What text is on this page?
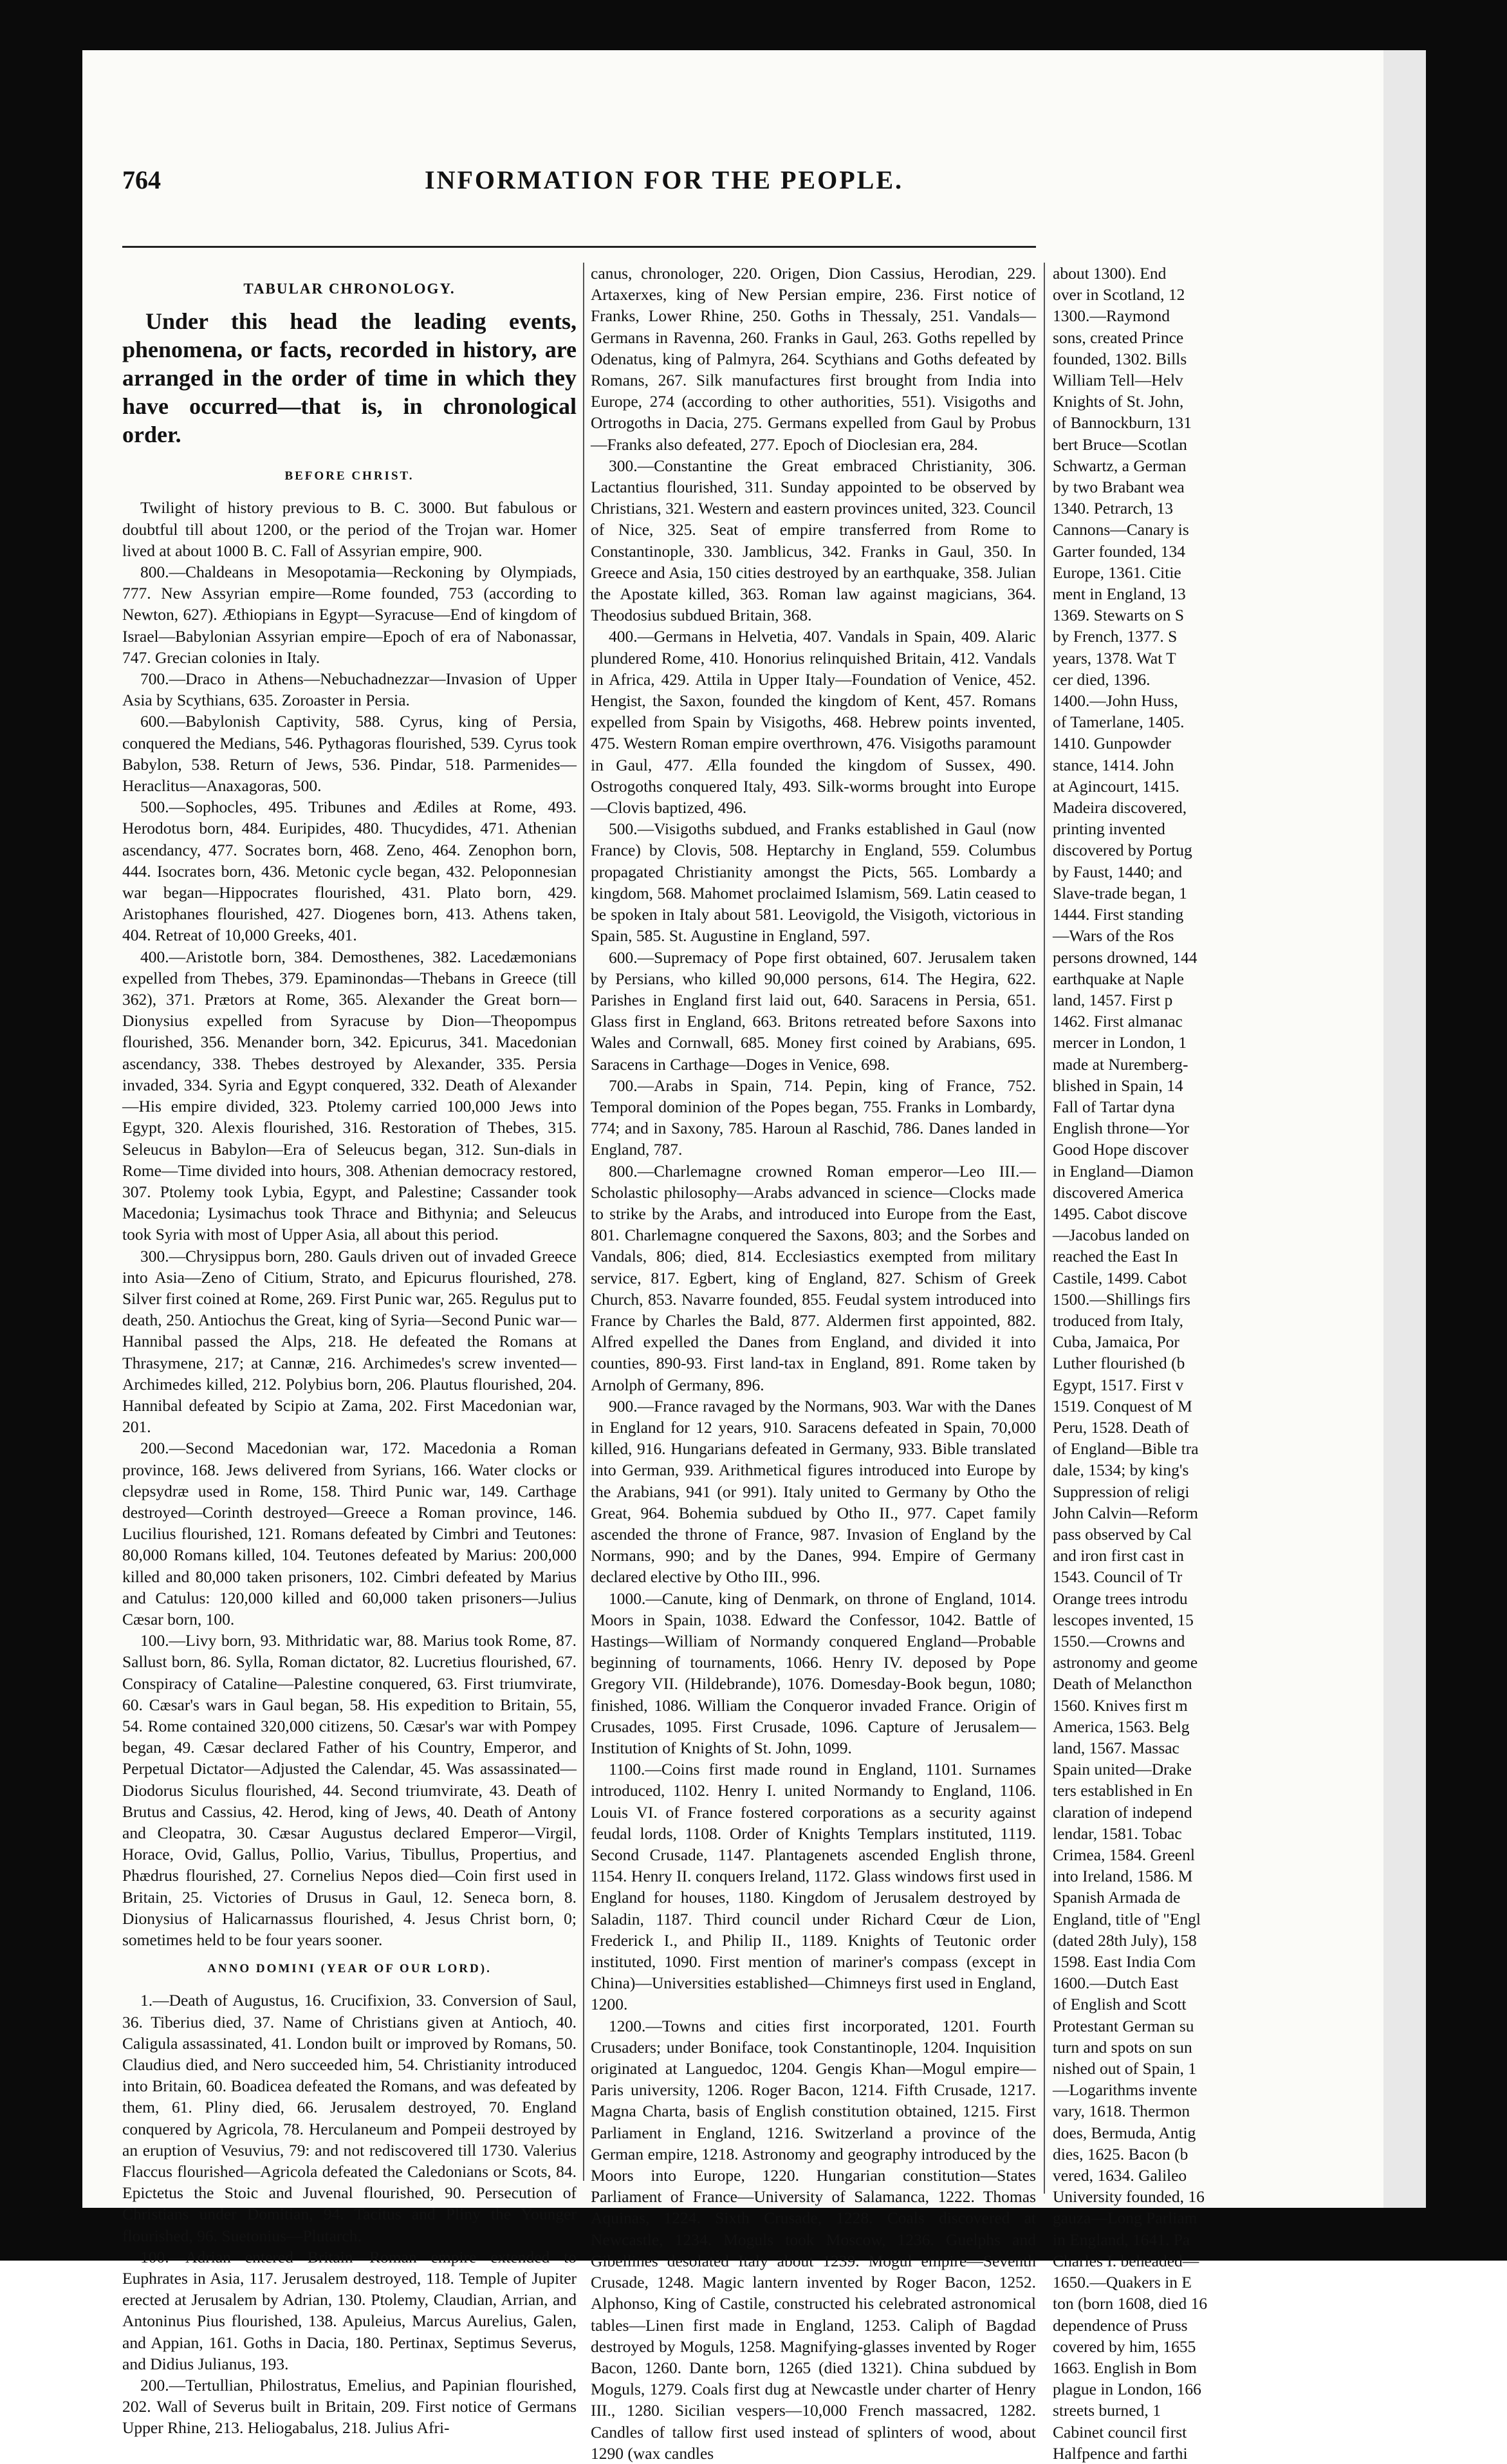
764	INFORMATION FOR THE PEOPLE.
TABULAR CHRONOLOGY.
Under this head the leading events, phenomena, or facts, recorded in history, are arranged in the order of time in which they have occurred—that is, in chronological order.
BEFORE CHRIST.

Twilight of history previous to B. C. 3000. But fabulous or doubtful till about 1200, or the period of the Trojan war. Homer lived at about 1000 B. C. Fall of Assyrian empire, 900.

800.—Chaldeans in Mesopotamia—Reckoning by Olympiads, 777. New Assyrian empire—Rome founded, 753 (according to Newton, 627). Æthiopians in Egypt—Syracuse—End of kingdom of Israel—Babylonian Assyrian empire—Epoch of era of Nabonassar, 747. Grecian colonies in Italy.

700.—Draco in Athens—Nebuchadnezzar—Invasion of Upper Asia by Scythians, 635. Zoroaster in Persia.

600.—Babylonish Captivity, 588. Cyrus, king of Persia, conquered the Medians, 546. Pythagoras flourished, 539. Cyrus took Babylon, 538. Return of Jews, 536. Pindar, 518. Parmenides—Heraclitus—Anaxagoras, 500.

500.—Sophocles, 495. Tribunes and Ædiles at Rome, 493. Herodotus born, 484. Euripides, 480. Thucydides, 471. Athenian ascendancy, 477. Socrates born, 468. Zeno, 464. Zenophon born, 444. Isocrates born, 436. Metonic cycle began, 432. Peloponnesian war began—Hippocrates flourished, 431. Plato born, 429. Aristophanes flourished, 427. Diogenes born, 413. Athens taken, 404. Retreat of 10,000 Greeks, 401.

400.—Aristotle born, 384. Demosthenes, 382. Lacedæmonians expelled from Thebes, 379. Epaminondas—Thebans in Greece (till 362), 371. Prætors at Rome, 365. Alexander the Great born—Dionysius expelled from Syracuse by Dion—Theopompus flourished, 356. Menander born, 342. Epicurus, 341. Macedonian ascendancy, 338. Thebes destroyed by Alexander, 335. Persia invaded, 334. Syria and Egypt conquered, 332. Death of Alexander—His empire divided, 323. Ptolemy carried 100,000 Jews into Egypt, 320. Alexis flourished, 316. Restoration of Thebes, 315. Seleucus in Babylon—Era of Seleucus began, 312. Sun-dials in Rome—Time divided into hours, 308. Athenian democracy restored, 307. Ptolemy took Lybia, Egypt, and Palestine; Cassander took Macedonia; Lysimachus took Thrace and Bithynia; and Seleucus took Syria with most of Upper Asia, all about this period.

300.—Chrysippus born, 280. Gauls driven out of invaded Greece into Asia—Zeno of Citium, Strato, and Epicurus flourished, 278. Silver first coined at Rome, 269. First Punic war, 265. Regulus put to death, 250. Antiochus the Great, king of Syria—Second Punic war—Hannibal passed the Alps, 218. He defeated the Romans at Thrasymene, 217; at Cannæ, 216. Archimedes's screw invented—Archimedes killed, 212. Polybius born, 206. Plautus flourished, 204. Hannibal defeated by Scipio at Zama, 202. First Macedonian war, 201.

200.—Second Macedonian war, 172. Macedonia a Roman province, 168. Jews delivered from Syrians, 166. Water clocks or clepsydræ used in Rome, 158. Third Punic war, 149. Carthage destroyed—Corinth destroyed—Greece a Roman province, 146. Lucilius flourished, 121. Romans defeated by Cimbri and Teutones: 80,000 Romans killed, 104. Teutones defeated by Marius: 200,000 killed and 80,000 taken prisoners, 102. Cimbri defeated by Marius and Catulus: 120,000 killed and 60,000 taken prisoners—Julius Cæsar born, 100.

100.—Livy born, 93. Mithridatic war, 88. Marius took Rome, 87. Sallust born, 86. Sylla, Roman dictator, 82. Lucretius flourished, 67. Conspiracy of Cataline—Palestine conquered, 63. First triumvirate, 60. Cæsar's wars in Gaul began, 58. His expedition to Britain, 55, 54. Rome contained 320,000 citizens, 50. Cæsar's war with Pompey began, 49. Cæsar declared Father of his Country, Emperor, and Perpetual Dictator—Adjusted the Calendar, 45. Was assassinated—Diodorus Siculus flourished, 44. Second triumvirate, 43. Death of Brutus and Cassius, 42. Herod, king of Jews, 40. Death of Antony and Cleopatra, 30. Cæsar Augustus declared Emperor—Virgil, Horace, Ovid, Gallus, Pollio, Varius, Tibullus, Propertius, and Phædrus flourished, 27. Cornelius Nepos died—Coin first used in Britain, 25. Victories of Drusus in Gaul, 12. Seneca born, 8. Dionysius of Halicarnassus flourished, 4. Jesus Christ born, 0; sometimes held to be four years sooner.

ANNO DOMINI (YEAR OF OUR LORD).

1.—Death of Augustus, 16. Crucifixion, 33. Conversion of Saul, 36. Tiberius died, 37. Name of Christians given at Antioch, 40. Caligula assassinated, 41. London built or improved by Romans, 50. Claudius died, and Nero succeeded him, 54. Christianity introduced into Britain, 60. Boadicea defeated the Romans, and was defeated by them, 61. Pliny died, 66. Jerusalem destroyed, 70. England conquered by Agricola, 78. Herculaneum and Pompeii destroyed by an eruption of Vesuvius, 79: and not rediscovered till 1730. Valerius Flaccus flourished—Agricola defeated the Caledonians or Scots, 84. Epictetus the Stoic and Juvenal flourished, 90. Persecution of Christians under Domitian, 94. Tacitus and Pliny the Younger flourished, 96. Suetonius—Plutarch.

100.—Adrian entered Britain—Roman empire extended to Euphrates in Asia, 117. Jerusalem destroyed, 118. Temple of Jupiter erected at Jerusalem by Adrian, 130. Ptolemy, Claudian, Arrian, and Antoninus Pius flourished, 138. Apuleius, Marcus Aurelius, Galen, and Appian, 161. Goths in Dacia, 180. Pertinax, Septimus Severus, and Didius Julianus, 193.

200.—Tertullian, Philostratus, Emelius, and Papinian flourished, 202. Wall of Severus built in Britain, 209. First notice of Germans Upper Rhine, 213. Heliogabalus, 218. Julius Afri-

canus, chronologer, 220. Origen, Dion Cassius, Herodian, 229. Artaxerxes, king of New Persian empire, 236. First notice of Franks, Lower Rhine, 250. Goths in Thessaly, 251. Vandals—Germans in Ravenna, 260. Franks in Gaul, 263. Goths repelled by Odenatus, king of Palmyra, 264. Scythians and Goths defeated by Romans, 267. Silk manufactures first brought from India into Europe, 274 (according to other authorities, 551). Visigoths and Ortrogoths in Dacia, 275. Germans expelled from Gaul by Probus—Franks also defeated, 277. Epoch of Dioclesian era, 284.

300.—Constantine the Great embraced Christianity, 306. Lactantius flourished, 311. Sunday appointed to be observed by Christians, 321. Western and eastern provinces united, 323. Council of Nice, 325. Seat of empire transferred from Rome to Constantinople, 330. Jamblicus, 342. Franks in Gaul, 350. In Greece and Asia, 150 cities destroyed by an earthquake, 358. Julian the Apostate killed, 363. Roman law against magicians, 364. Theodosius subdued Britain, 368.

400.—Germans in Helvetia, 407. Vandals in Spain, 409. Alaric plundered Rome, 410. Honorius relinquished Britain, 412. Vandals in Africa, 429. Attila in Upper Italy—Foundation of Venice, 452. Hengist, the Saxon, founded the kingdom of Kent, 457. Romans expelled from Spain by Visigoths, 468. Hebrew points invented, 475. Western Roman empire overthrown, 476. Visigoths paramount in Gaul, 477. Ælla founded the kingdom of Sussex, 490. Ostrogoths conquered Italy, 493. Silk-worms brought into Europe—Clovis baptized, 496.

500.—Visigoths subdued, and Franks established in Gaul (now France) by Clovis, 508. Heptarchy in England, 559. Columbus propagated Christianity amongst the Picts, 565. Lombardy a kingdom, 568. Mahomet proclaimed Islamism, 569. Latin ceased to be spoken in Italy about 581. Leovigold, the Visigoth, victorious in Spain, 585. St. Augustine in England, 597.

600.—Supremacy of Pope first obtained, 607. Jerusalem taken by Persians, who killed 90,000 persons, 614. The Hegira, 622. Parishes in England first laid out, 640. Saracens in Persia, 651. Glass first in England, 663. Britons retreated before Saxons into Wales and Cornwall, 685. Money first coined by Arabians, 695. Saracens in Carthage—Doges in Venice, 698.

700.—Arabs in Spain, 714. Pepin, king of France, 752. Temporal dominion of the Popes began, 755. Franks in Lombardy, 774; and in Saxony, 785. Haroun al Raschid, 786. Danes landed in England, 787.

800.—Charlemagne crowned Roman emperor—Leo III.—Scholastic philosophy—Arabs advanced in science—Clocks made to strike by the Arabs, and introduced into Europe from the East, 801. Charlemagne conquered the Saxons, 803; and the Sorbes and Vandals, 806; died, 814. Ecclesiastics exempted from military service, 817. Egbert, king of England, 827. Schism of Greek Church, 853. Navarre founded, 855. Feudal system introduced into France by Charles the Bald, 877. Aldermen first appointed, 882. Alfred expelled the Danes from England, and divided it into counties, 890-93. First land-tax in England, 891. Rome taken by Arnolph of Germany, 896.

900.—France ravaged by the Normans, 903. War with the Danes in England for 12 years, 910. Saracens defeated in Spain, 70,000 killed, 916. Hungarians defeated in Germany, 933. Bible translated into German, 939. Arithmetical figures introduced into Europe by the Arabians, 941 (or 991). Italy united to Germany by Otho the Great, 964. Bohemia subdued by Otho II., 977. Capet family ascended the throne of France, 987. Invasion of England by the Normans, 990; and by the Danes, 994. Empire of Germany declared elective by Otho III., 996.

1000.—Canute, king of Denmark, on throne of England, 1014. Moors in Spain, 1038. Edward the Confessor, 1042. Battle of Hastings—William of Normandy conquered England—Probable beginning of tournaments, 1066. Henry IV. deposed by Pope Gregory VII. (Hildebrande), 1076. Domesday-Book begun, 1080; finished, 1086. William the Conqueror invaded France. Origin of Crusades, 1095. First Crusade, 1096. Capture of Jerusalem—Institution of Knights of St. John, 1099.

1100.—Coins first made round in England, 1101. Surnames introduced, 1102. Henry I. united Normandy to England, 1106. Louis VI. of France fostered corporations as a security against feudal lords, 1108. Order of Knights Templars instituted, 1119. Second Crusade, 1147. Plantagenets ascended English throne, 1154. Henry II. conquers Ireland, 1172. Glass windows first used in England for houses, 1180. Kingdom of Jerusalem destroyed by Saladin, 1187. Third council under Richard Cœur de Lion, Frederick I., and Philip II., 1189. Knights of Teutonic order instituted, 1090. First mention of mariner's compass (except in China)—Universities established—Chimneys first used in England, 1200.

1200.—Towns and cities first incorporated, 1201. Fourth Crusaders; under Boniface, took Constantinople, 1204. Inquisition originated at Languedoc, 1204. Gengis Khan—Mogul empire—Paris university, 1206. Roger Bacon, 1214. Fifth Crusade, 1217. Magna Charta, basis of English constitution obtained, 1215. First Parliament in England, 1216. Switzerland a province of the German empire, 1218. Astronomy and geography introduced by the Moors into Europe, 1220. Hungarian constitution—States Parliament of France—University of Salamanca, 1222. Thomas Aquinas, 1224. Sixth Crusade, 1228. Coals discovered at Newcastle, 1234. Moguls took Moscow, 1236. Guelphs and Gibellines desolated Italy about 1239. Mogul empire—Seventh Crusade, 1248. Magic lantern invented by Roger Bacon, 1252. Alphonso, King of Castile, constructed his celebrated astronomical tables—Linen first made in England, 1253. Caliph of Bagdad destroyed by Moguls, 1258. Magnifying-glasses invented by Roger Bacon, 1260. Dante born, 1265 (died 1321). China subdued by Moguls, 1279. Coals first dug at Newcastle under charter of Henry III., 1280. Sicilian vespers—10,000 French massacred, 1282. Candles of tallow first used instead of splinters of wood, about 1290 (wax candles

about 1300). End
over in Scotland, 12
1300.—Raymond
sons, created Prince
founded, 1302. Bills
William Tell—Helv
Knights of St. John,
of Bannockburn, 131
bert Bruce—Scotlan
Schwartz, a German
by two Brabant wea
1340. Petrarch, 13
Cannons—Canary is
Garter founded, 134
Europe, 1361. Citie
ment in England, 13
1369. Stewarts on S
by French, 1377. S
years, 1378. Wat T
cer died, 1396.
1400.—John Huss,
of Tamerlane, 1405.
1410. Gunpowder
stance, 1414. John
at Agincourt, 1415.
Madeira discovered,
printing invented
discovered by Portug
by Faust, 1440; and
Slave-trade began, 1
1444. First standing
—Wars of the Ros
persons drowned, 144
earthquake at Naple
land, 1457. First p
1462. First almanac
mercer in London, 1
made at Nuremberg-
blished in Spain, 14
Fall of Tartar dyna
English throne—Yor
Good Hope discover
in England—Diamon
discovered America
1495. Cabot discove
—Jacobus landed on
reached the East In
Castile, 1499. Cabot
1500.—Shillings firs
troduced from Italy,
Cuba, Jamaica, Por
Luther flourished (b
Egypt, 1517. First v
1519. Conquest of M
Peru, 1528. Death of
of England—Bible tra
dale, 1534; by king's
Suppression of religi
John Calvin—Reform
pass observed by Cal
and iron first cast in
1543. Council of Tr
Orange trees introdu
lescopes invented, 15
1550.—Crowns and
astronomy and geome
Death of Melancthon
1560. Knives first m
America, 1563. Belg
land, 1567. Massac
Spain united—Drake
ters established in En
claration of independ
lendar, 1581. Tobac
Crimea, 1584. Greenl
into Ireland, 1586. M
Spanish Armada de
England, title of "Engl
(dated 28th July), 158
1598. East India Com
1600.—Dutch East
of English and Scott
Protestant German su
turn and spots on sun
nished out of Spain, 1
—Logarithms invente
vary, 1618. Thermon
does, Bermuda, Antig
dies, 1625. Bacon (b
vered, 1634. Galileo
University founded, 16
gauza—Long Parliam
in England, 1641. Pa
Charles I. beheaded—
1650.—Quakers in E
ton (born 1608, died 16
dependence of Pruss
covered by him, 1655
1663. English in Bom
plague in London, 166
streets burned, 1
Cabinet council first
Halfpence and farthi
